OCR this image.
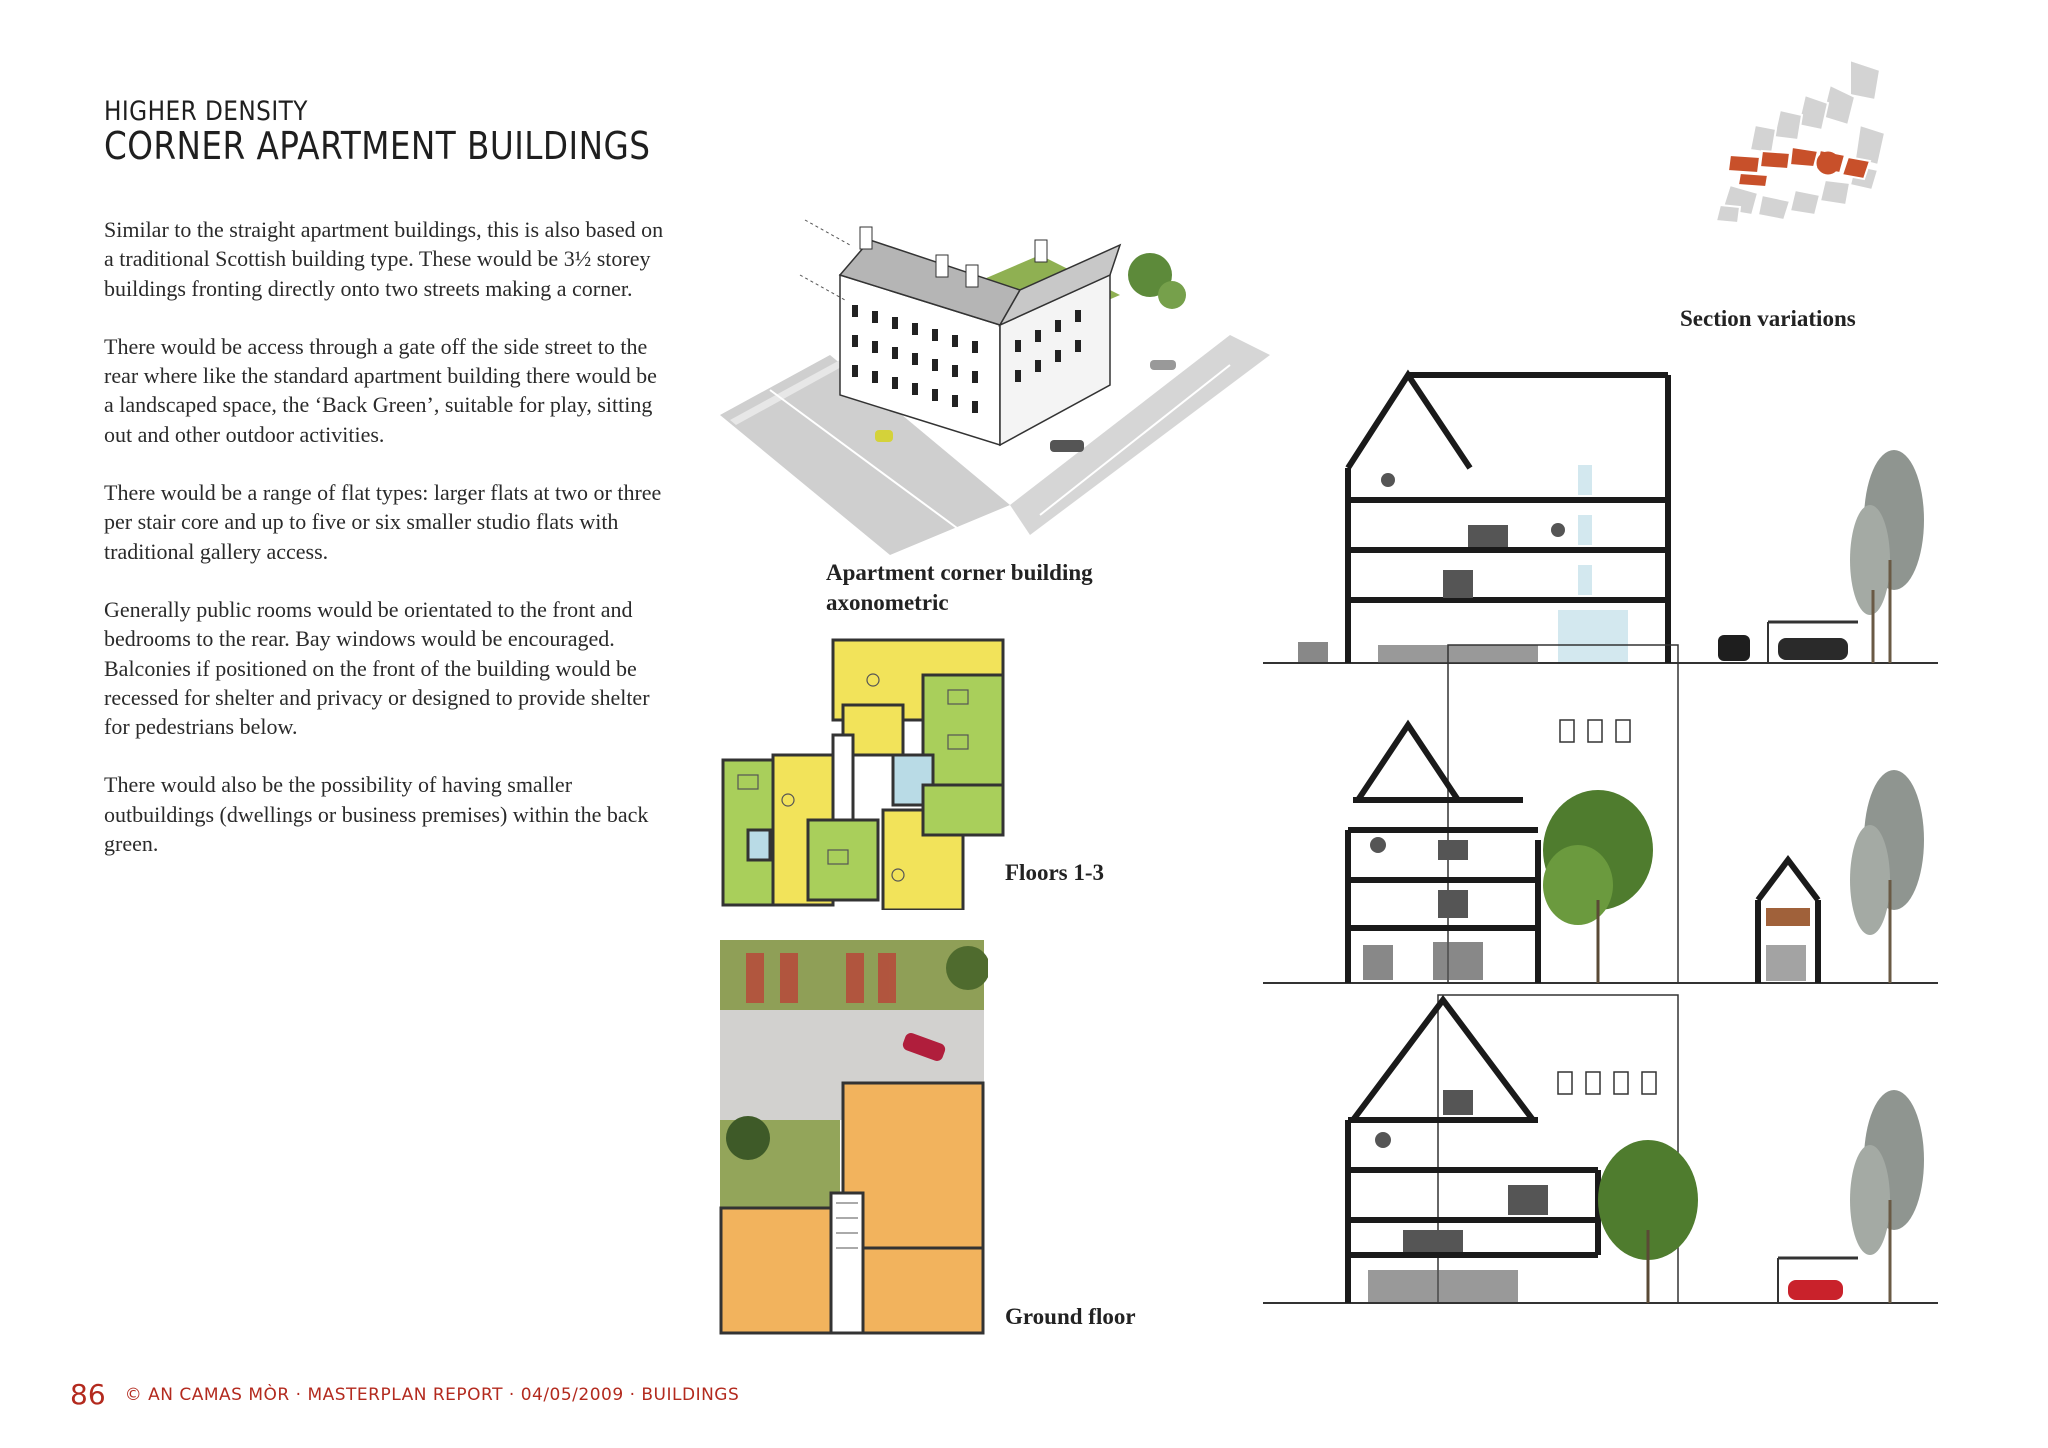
HIGHER DENSITY
CORNER APARTMENT BUILDINGS

Similar to the straight apartment buildings, this is also based on a traditional Scottish building type. These would be 3½ storey buildings fronting directly onto two streets making a corner.

There would be access through a gate off the side street to the rear where like the standard apartment building there would be a landscaped space, the ‘Back Green’, suitable for play, sitting out and other outdoor activities.

There would be a range of flat types: larger flats at two or three per stair core and up to five or six smaller studio flats with traditional gallery access.

Generally public rooms would be orientated to the front and bedrooms to the rear. Bay windows would be encouraged. Balconies if positioned on the front of the building would be recessed for shelter and privacy or designed to provide shelter for pedestrians below.

There would also be the possibility of having smaller outbuildings (dwellings or business premises) within the back green.

Apartment corner building
axonometric
Floors 1-3
Ground floor
Section variations
86 © AN CAMAS MÒR · MASTERPLAN REPORT · 04/05/2009 · BUILDINGS
